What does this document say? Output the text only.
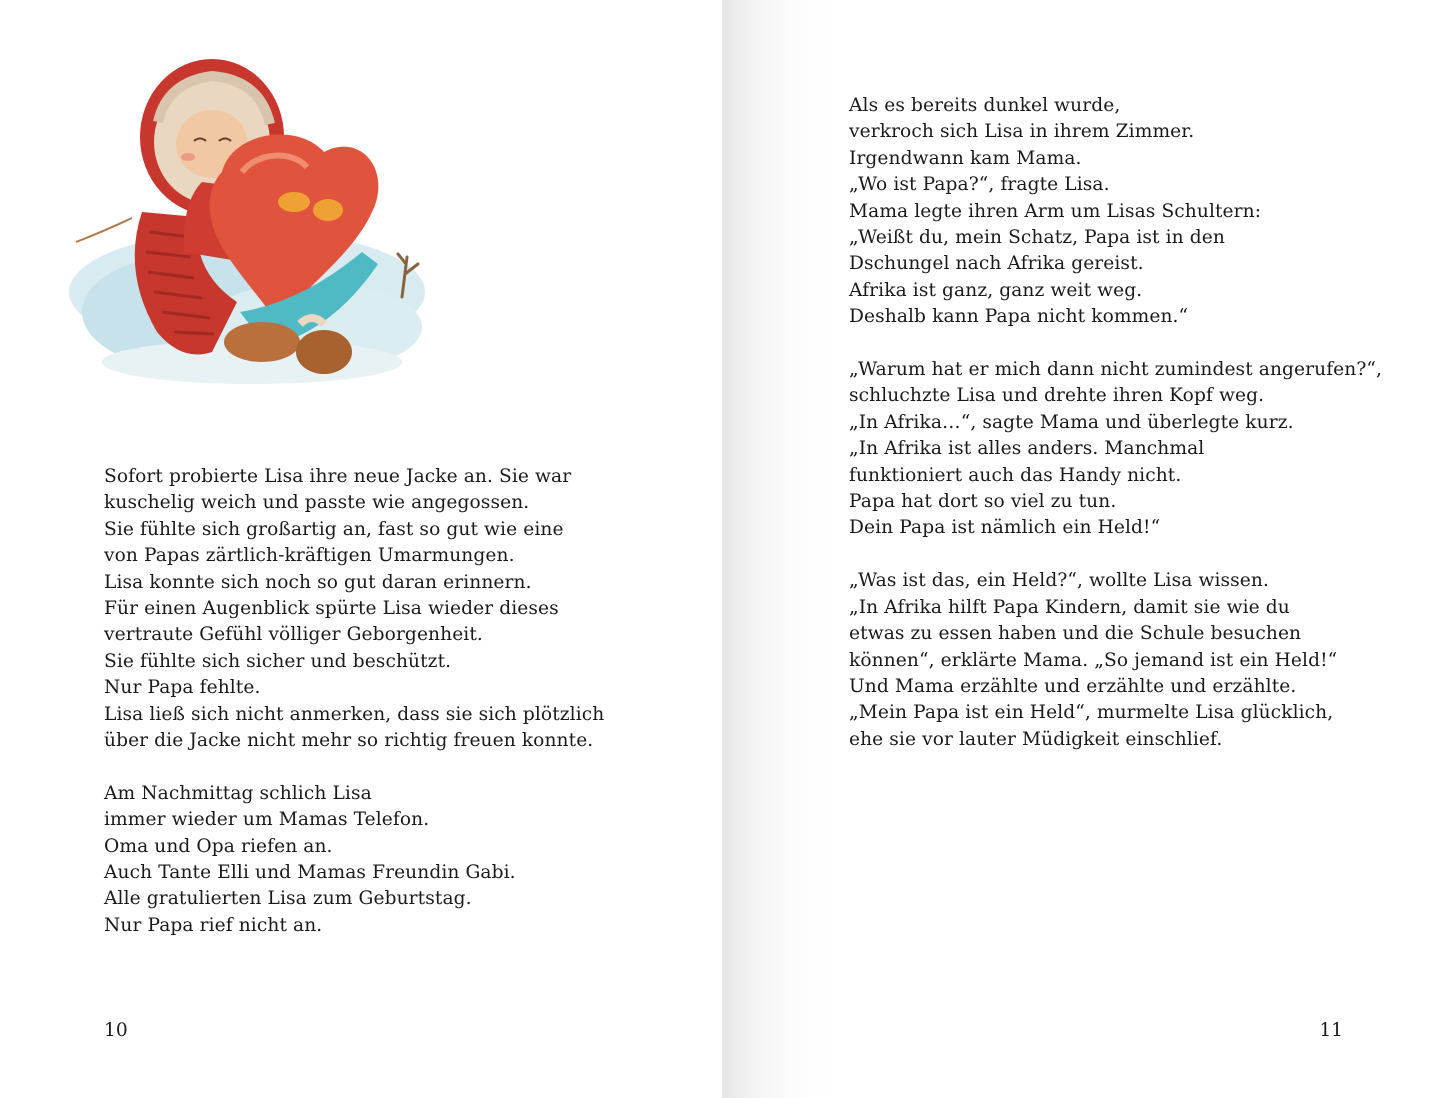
Sofort probierte Lisa ihre neue Jacke an. Sie war
kuschelig weich und passte wie angegossen.
Sie fühlte sich großartig an, fast so gut wie eine
von Papas zärtlich-kräftigen Umarmungen.
Lisa konnte sich noch so gut daran erinnern.
Für einen Augenblick spürte Lisa wieder dieses
vertraute Gefühl völliger Geborgenheit.
Sie fühlte sich sicher und beschützt.
Nur Papa fehlte.
Lisa ließ sich nicht anmerken, dass sie sich plötzlich
über die Jacke nicht mehr so richtig freuen konnte.
Am Nachmittag schlich Lisa
immer wieder um Mamas Telefon.
Oma und Opa riefen an.
Auch Tante Elli und Mamas Freundin Gabi.
Alle gratulierten Lisa zum Geburtstag.
Nur Papa rief nicht an.
10
Als es bereits dunkel wurde,
verkroch sich Lisa in ihrem Zimmer.
Irgendwann kam Mama.
„Wo ist Papa?“, fragte Lisa.
Mama legte ihren Arm um Lisas Schultern:
„Weißt du, mein Schatz, Papa ist in den
Dschungel nach Afrika gereist.
Afrika ist ganz, ganz weit weg.
Deshalb kann Papa nicht kommen.“
„Warum hat er mich dann nicht zumindest angerufen?“,
schluchzte Lisa und drehte ihren Kopf weg.
„In Afrika…“, sagte Mama und überlegte kurz.
„In Afrika ist alles anders. Manchmal
funktioniert auch das Handy nicht.
Papa hat dort so viel zu tun.
Dein Papa ist nämlich ein Held!“
„Was ist das, ein Held?“, wollte Lisa wissen.
„In Afrika hilft Papa Kindern, damit sie wie du
etwas zu essen haben und die Schule besuchen
können“, erklärte Mama. „So jemand ist ein Held!“
Und Mama erzählte und erzählte und erzählte.
„Mein Papa ist ein Held“, murmelte Lisa glücklich,
ehe sie vor lauter Müdigkeit einschlief.
11
